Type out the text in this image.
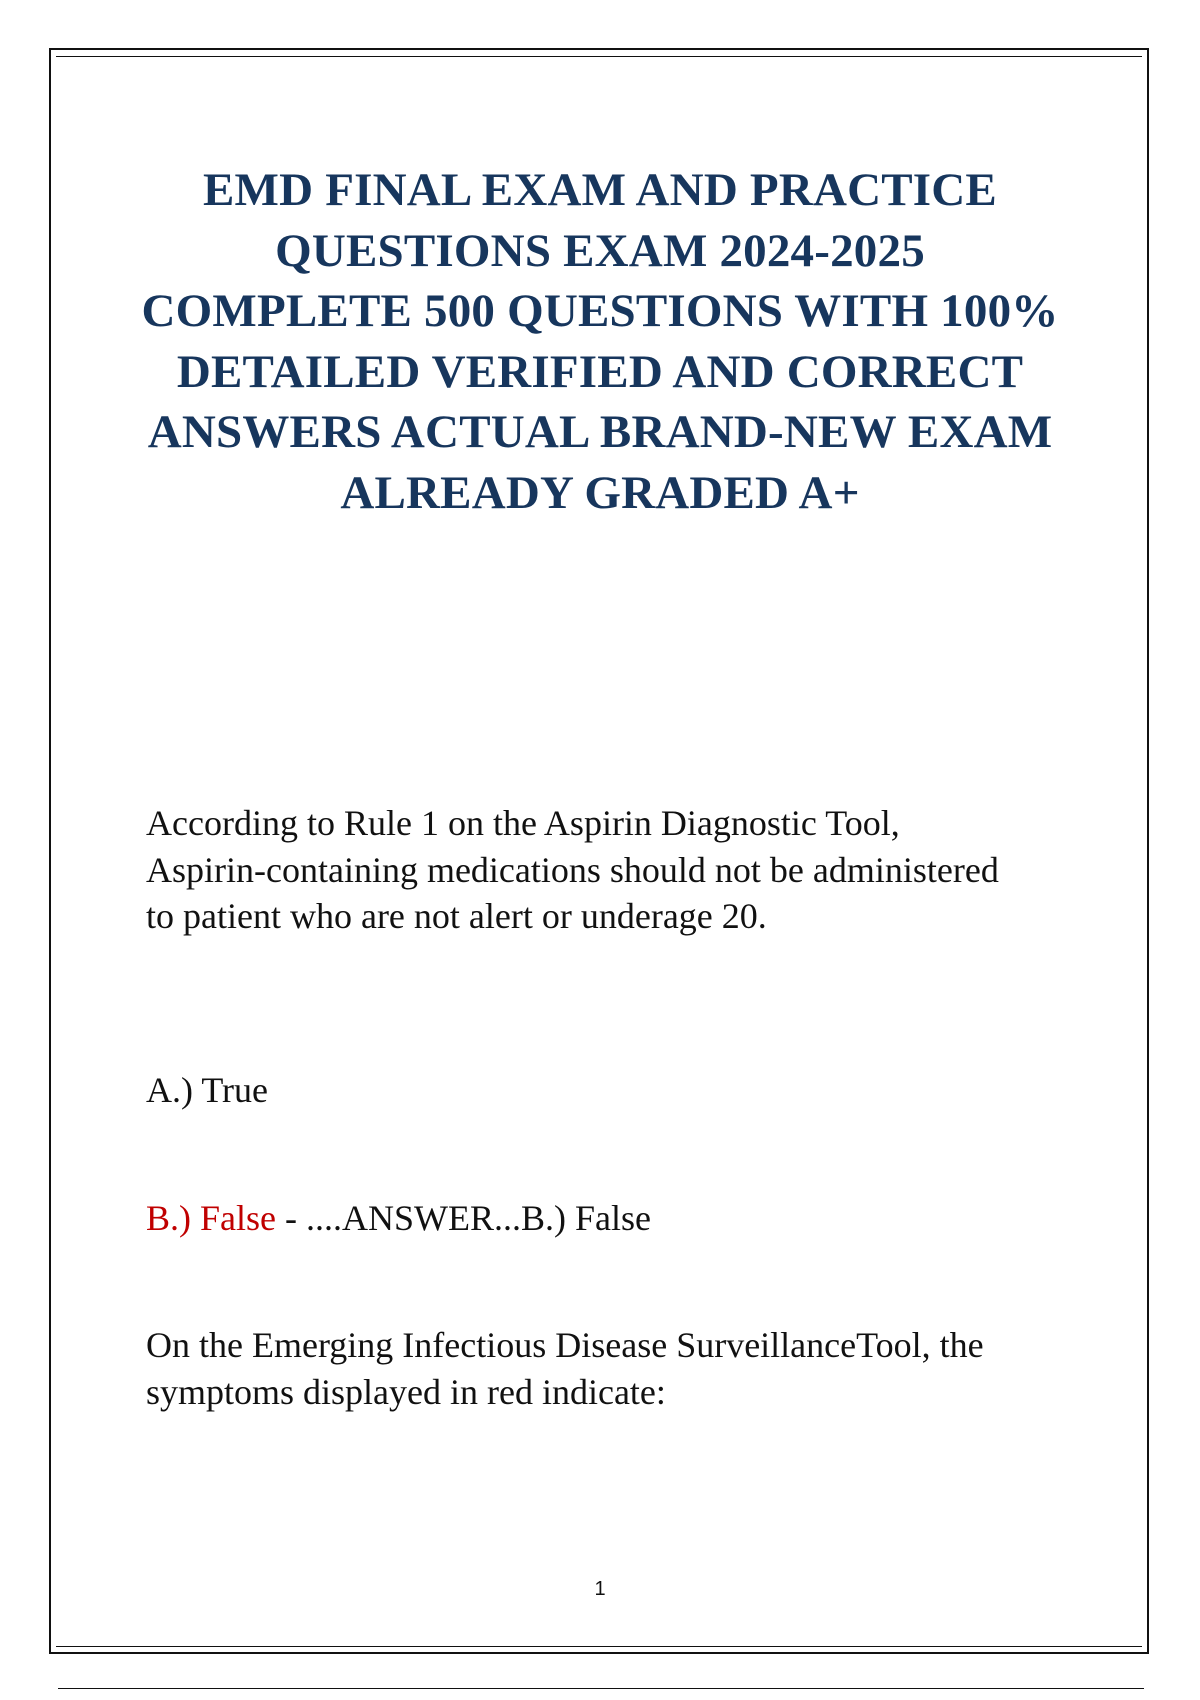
EMD FINAL EXAM AND PRACTICE QUESTIONS EXAM 2024-2025 COMPLETE 500 QUESTIONS WITH 100% DETAILED VERIFIED AND CORRECT ANSWERS ACTUAL BRAND-NEW EXAM ALREADY GRADED A+

According to Rule 1 on the Aspirin Diagnostic Tool, Aspirin-containing medications should not be administered to patient who are not alert or underage 20.

A.) True

B.) False - ....ANSWER...B.) False

On the Emerging Infectious Disease SurveillanceTool, the symptoms displayed in red indicate:

1
